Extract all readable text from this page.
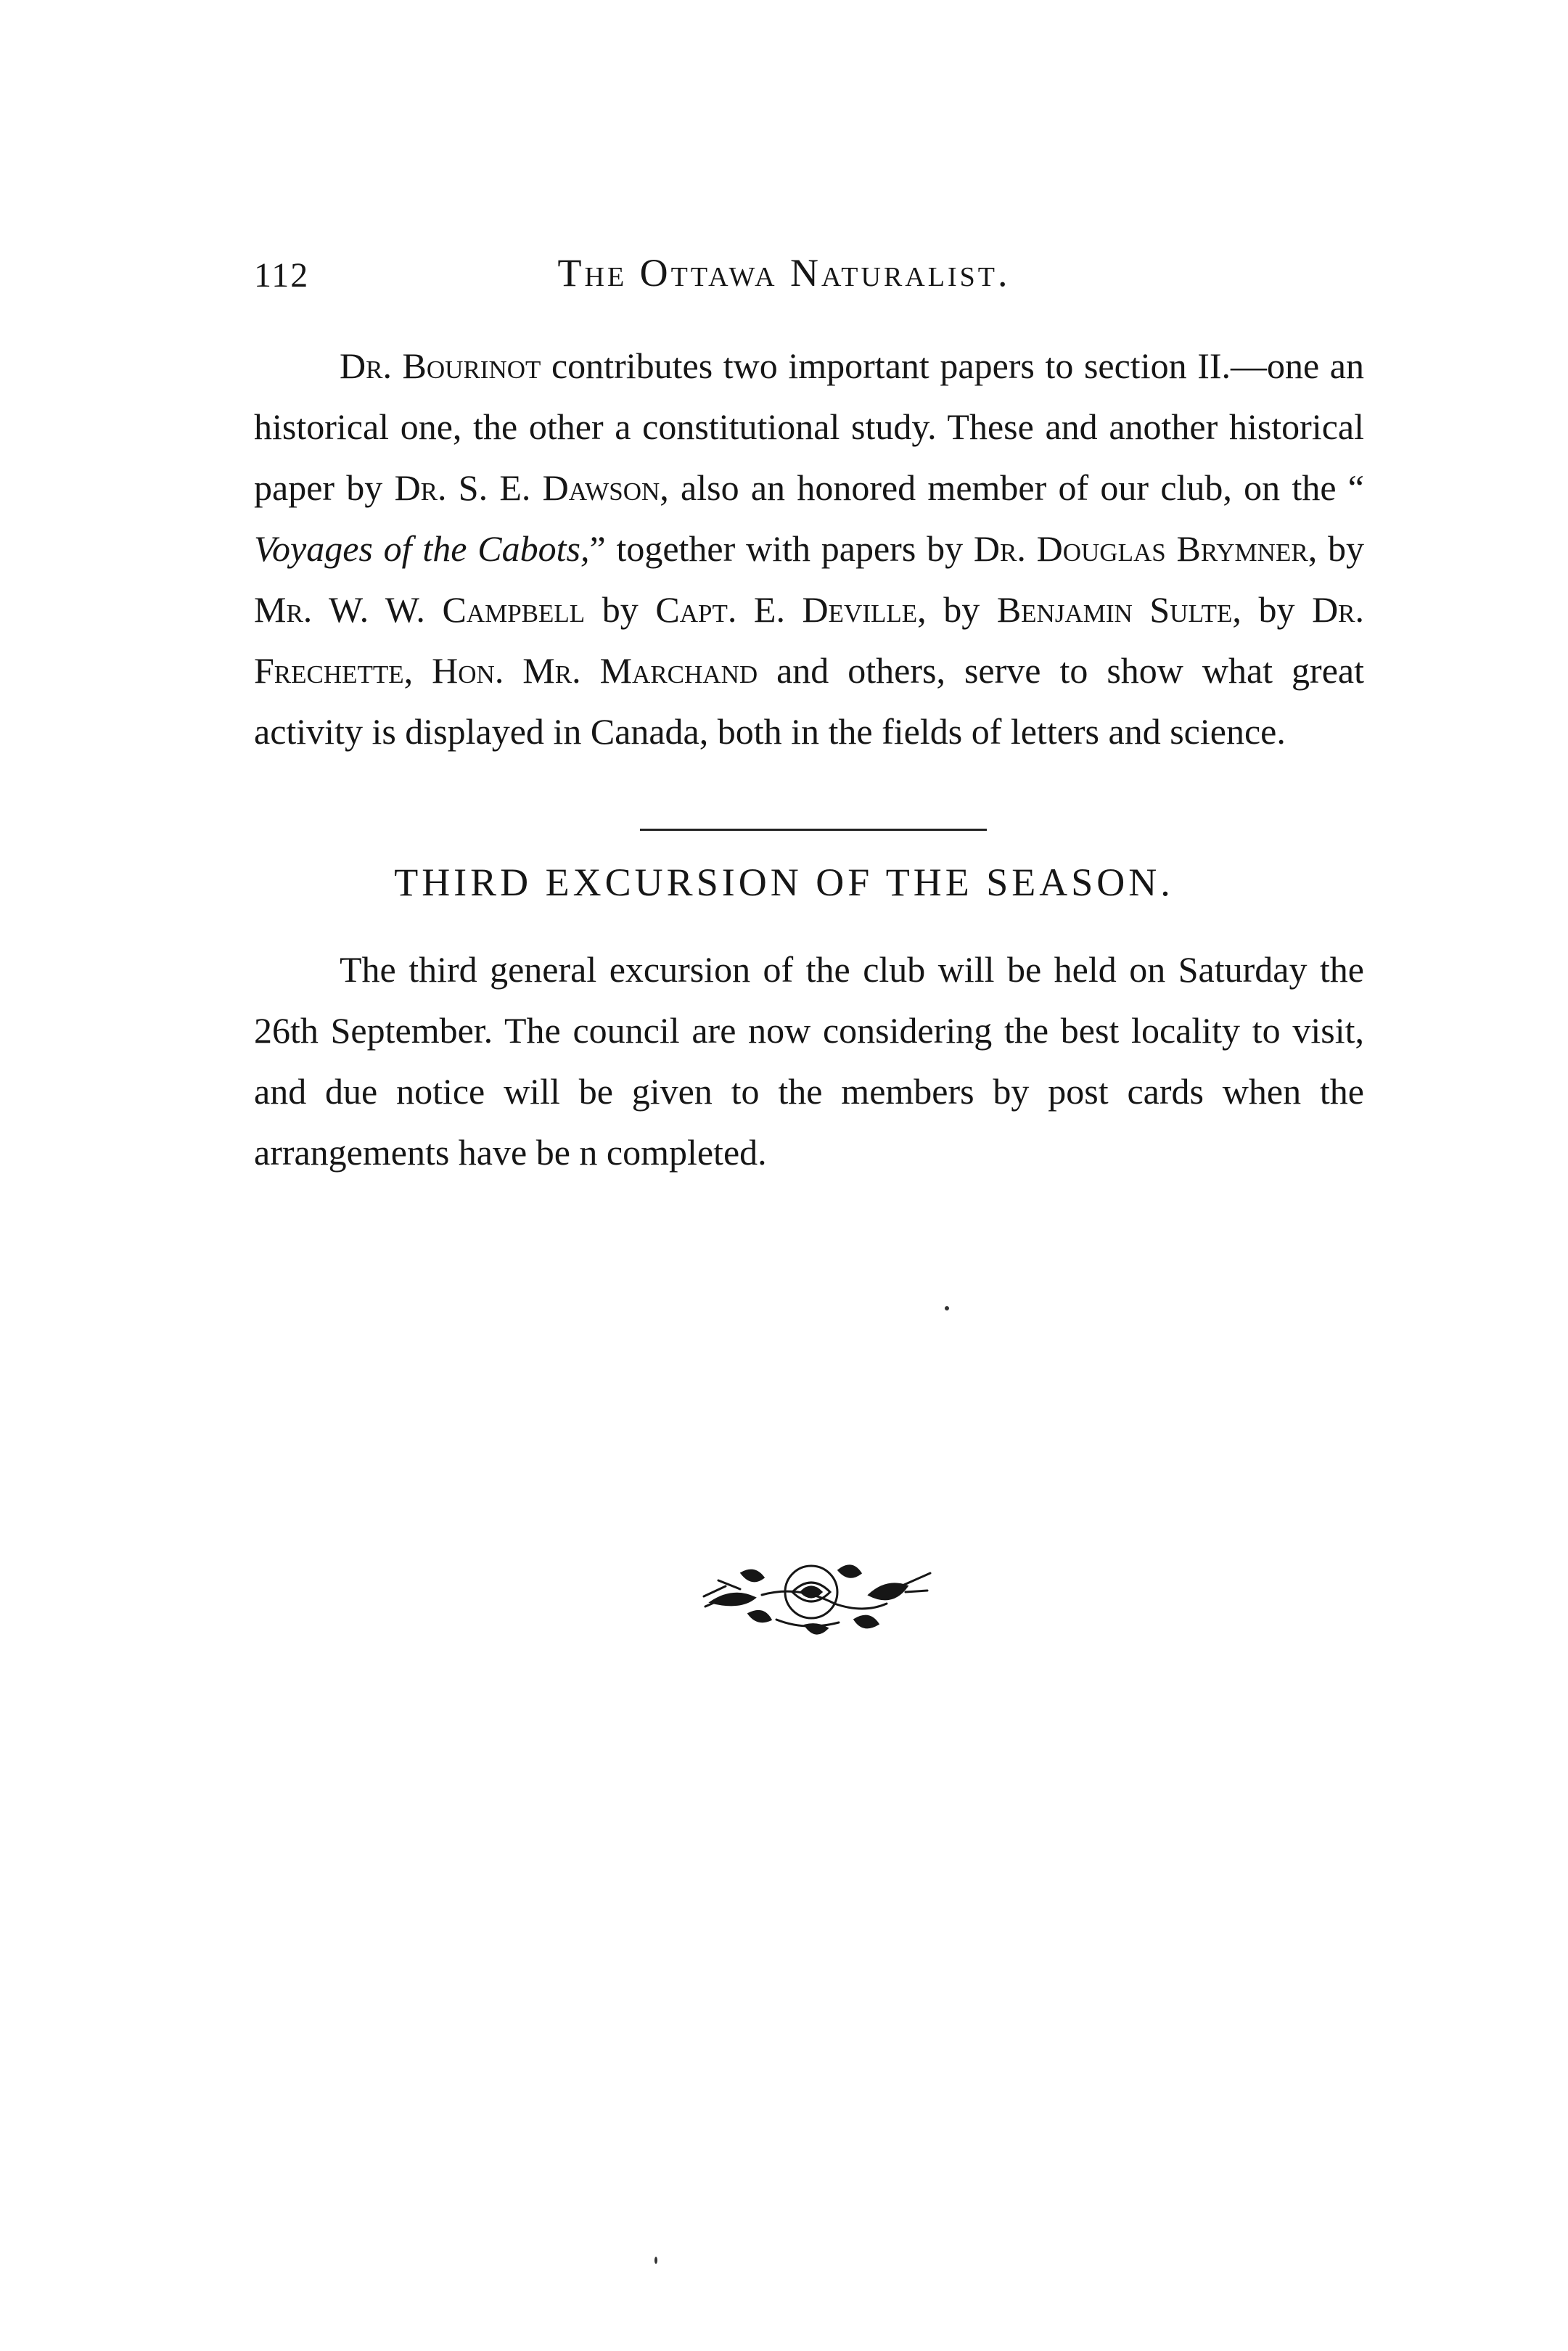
112	The Ottawa Naturalist.

Dr. Bourinot contributes two important papers to section II.—one an historical one, the other a constitutional study. These and another historical paper by Dr. S. E. Dawson, also an honored member of our club, on the “ Voyages of the Cabots,” together with papers by Dr. Douglas Brymner, by Mr. W. W. Campbell by Capt. E. Deville, by Benjamin Sulte, by Dr. Frechette, Hon. Mr. Marchand and others, serve to show what great activity is displayed in Canada, both in the fields of letters and science.

THIRD EXCURSION OF THE SEASON.

The third general excursion of the club will be held on Saturday the 26th September. The council are now considering the best locality to visit, and due notice will be given to the members by post cards when the arrangements have be n completed.
